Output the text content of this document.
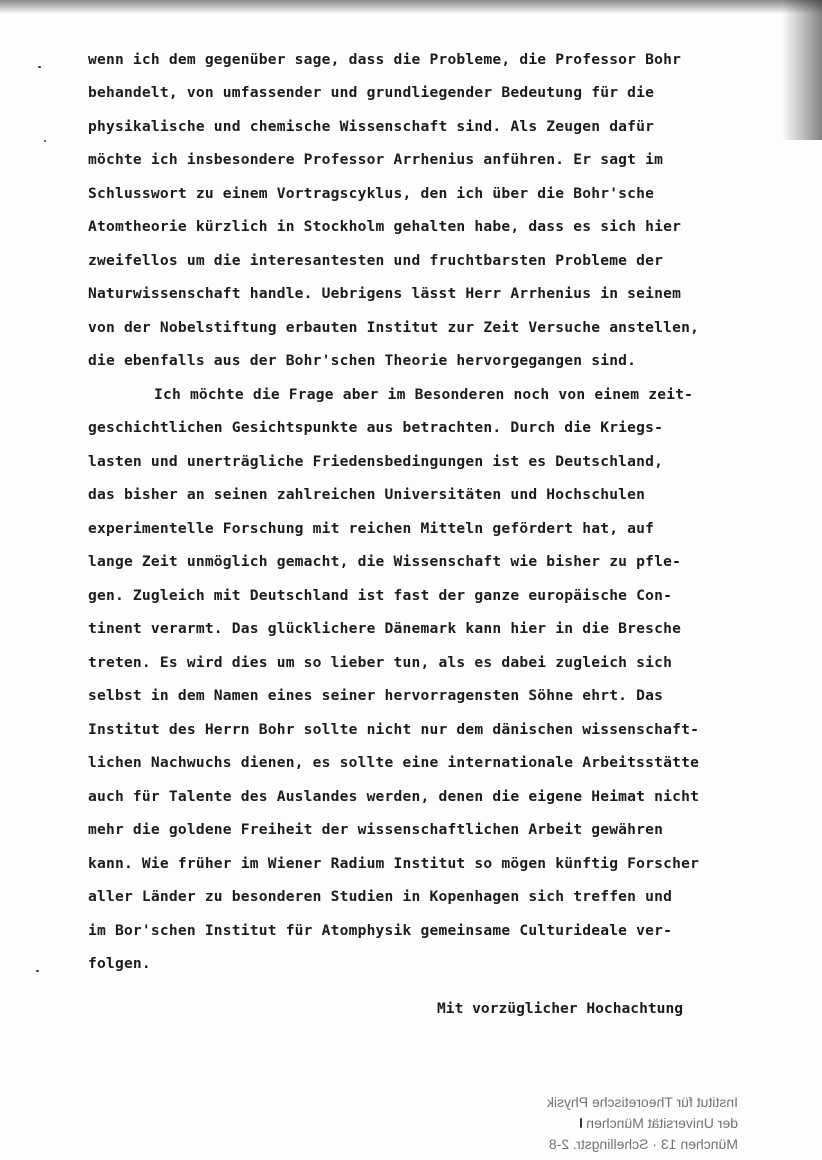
wenn ich dem gegenüber sage, dass die Probleme, die Professor Bohr
behandelt, von umfassender und grundliegender Bedeutung für die
physikalische und chemische Wissenschaft sind. Als Zeugen dafür
möchte ich insbesondere Professor Arrhenius anführen. Er sagt im
Schlusswort zu einem Vortragscyklus, den ich über die Bohr'sche
Atomtheorie kürzlich in Stockholm gehalten habe, dass es sich hier
zweifellos um die interesantesten und fruchtbarsten Probleme der
Naturwissenschaft handle. Uebrigens lässt Herr Arrhenius in seinem
von der Nobelstiftung erbauten Institut zur Zeit Versuche anstellen,
die ebenfalls aus der Bohr'schen Theorie hervorgegangen sind.
Ich möchte die Frage aber im Besonderen noch von einem zeit-
geschichtlichen Gesichtspunkte aus betrachten. Durch die Kriegs-
lasten und unerträgliche Friedensbedingungen ist es Deutschland,
das bisher an seinen zahlreichen Universitäten und Hochschulen
experimentelle Forschung mit reichen Mitteln gefördert hat, auf
lange Zeit unmöglich gemacht, die Wissenschaft wie bisher zu pfle-
gen. Zugleich mit Deutschland ist fast der ganze europäische Con-
tinent verarmt. Das glücklichere Dänemark kann hier in die Bresche
treten. Es wird dies um so lieber tun, als es dabei zugleich sich
selbst in dem Namen eines seiner hervorragensten Söhne ehrt. Das
Institut des Herrn Bohr sollte nicht nur dem dänischen wissenschaft-
lichen Nachwuchs dienen, es sollte eine internationale Arbeitsstätte
auch für Talente des Auslandes werden, denen die eigene Heimat nicht
mehr die goldene Freiheit der wissenschaftlichen Arbeit gewähren
kann. Wie früher im Wiener Radium Institut so mögen künftig Forscher
aller Länder zu besonderen Studien in Kopenhagen sich treffen und
im Bor'schen Institut für Atomphysik gemeinsame Culturideale ver-
folgen.
Mit vorzüglicher Hochachtung
Institut für Theoretische Physik
der Universität München
München 13 · Schellingstr. 2-8
